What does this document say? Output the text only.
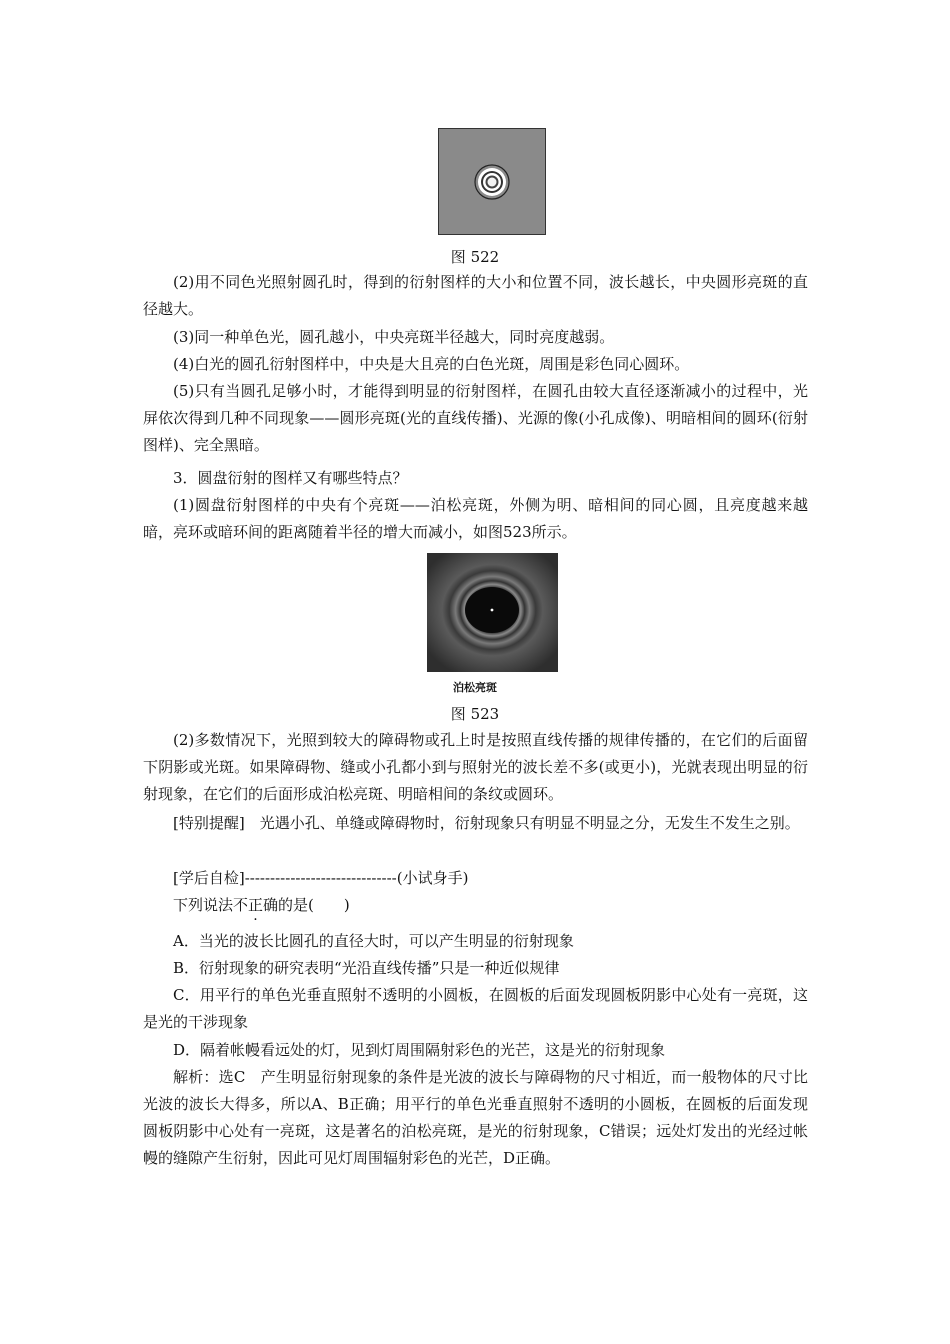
图 522
(2)用不同色光照射圆孔时，得到的衍射图样的大小和位置不同，波长越长，中央圆形亮斑的直径越大。
(3)同一种单色光，圆孔越小，中央亮斑半径越大，同时亮度越弱。
(4)白光的圆孔衍射图样中，中央是大且亮的白色光斑，周围是彩色同心圆环。
(5)只有当圆孔足够小时，才能得到明显的衍射图样，在圆孔由较大直径逐渐减小的过程中，光屏依次得到几种不同现象——圆形亮斑(光的直线传播)、光源的像(小孔成像)、明暗相间的圆环(衍射图样)、完全黑暗。
3．圆盘衍射的图样又有哪些特点？
(1)圆盘衍射图样的中央有个亮斑——泊松亮斑，外侧为明、暗相间的同心圆，且亮度越来越暗，亮环或暗环间的距离随着半径的增大而减小，如图523所示。
泊松亮斑
图 523
(2)多数情况下，光照到较大的障碍物或孔上时是按照直线传播的规律传播的，在它们的后面留下阴影或光斑。如果障碍物、缝或小孔都小到与照射光的波长差不多(或更小)，光就表现出明显的衍射现象，在它们的后面形成泊松亮斑、明暗相间的条纹或圆环。
[特别提醒]　光遇小孔、单缝或障碍物时，衍射现象只有明显不明显之分，无发生不发生之别。
[学后自检]------------------------------(小试身手)
下列说法不正确的是(　　)
A．当光的波长比圆孔的直径大时，可以产生明显的衍射现象
B．衍射现象的研究表明“光沿直线传播”只是一种近似规律
C．用平行的单色光垂直照射不透明的小圆板，在圆板的后面发现圆板阴影中心处有一亮斑，这是光的干涉现象
D．隔着帐幔看远处的灯，见到灯周围隔射彩色的光芒，这是光的衍射现象
解析：选C　产生明显衍射现象的条件是光波的波长与障碍物的尺寸相近，而一般物体的尺寸比光波的波长大得多，所以A、B正确；用平行的单色光垂直照射不透明的小圆板，在圆板的后面发现圆板阴影中心处有一亮斑，这是著名的泊松亮斑，是光的衍射现象，C错误；远处灯发出的光经过帐幔的缝隙产生衍射，因此可见灯周围辐射彩色的光芒，D正确。
